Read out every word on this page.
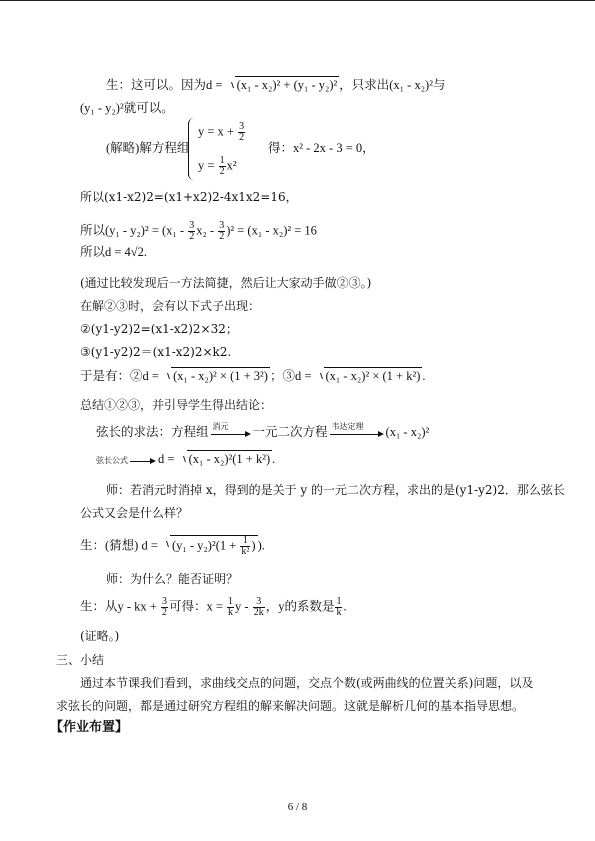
生：这可以。因为d = (x₁ - x₂)² + (y₁ - y₂)² ，只求出(x₁ - x₂)²与
(y₁ - y₂)²就可以。
(解略)解方程组
$y = x + \frac{3}{2}$
$y = \frac{1}{2} x^2$
得：x² - 2x - 3 = 0，
所以(x1-x2)2=(x1+x2)2-4x1x2=16，
所以$(y_1 - y_2)^2 = (x_1 - \frac{3}{2} x_2 - \frac{3}{2} )^2 = (x_1 - x_2)^2 = 16$
所以d = 4√2.
(通过比较发现后一方法简捷，然后让大家动手做②③。)
在解②③时，会有以下式子出现：
②(y1-y2)2=(x1-x2)2×32；
③(y1-y2)2＝(x1-x2)2×k2.
于是有：②d = (x₁ - x₂)² × (1 + 3²) ；③d = (x₁ - x₂)² × (1 + k²) .
总结①②③，并引导学生得出结论：
弦长的求法：方程组 消元 一元二次方程 韦达定理 (x₁ - x₂)²
弦长公式 d = (x₁ - x₂)²(1 + k²) .
师：若消元时消掉 x，得到的是关于 y 的一元二次方程，求出的是(y1-y2)2．那么弦长
公式又会是什么样？
生：(猜想) $d = (y_1 - y_2)^2(1 + \frac{1}{\text{k²}}$ ) ).
师：为什么？能否证明？
生：从y - kx + $\frac{3}{2}$ 可得：$x = \frac{1}{k}$ y - $\frac{3}{2k}$ ，y的系数是 $\frac{1}{k}$ .
(证略。)
三、小结
通过本节课我们看到，求曲线交点的问题，交点个数(或两曲线的位置关系)问题，以及
求弦长的问题，都是通过研究方程组的解来解决问题。这就是解析几何的基本指导思想。
【作业布置】
6 / 8
